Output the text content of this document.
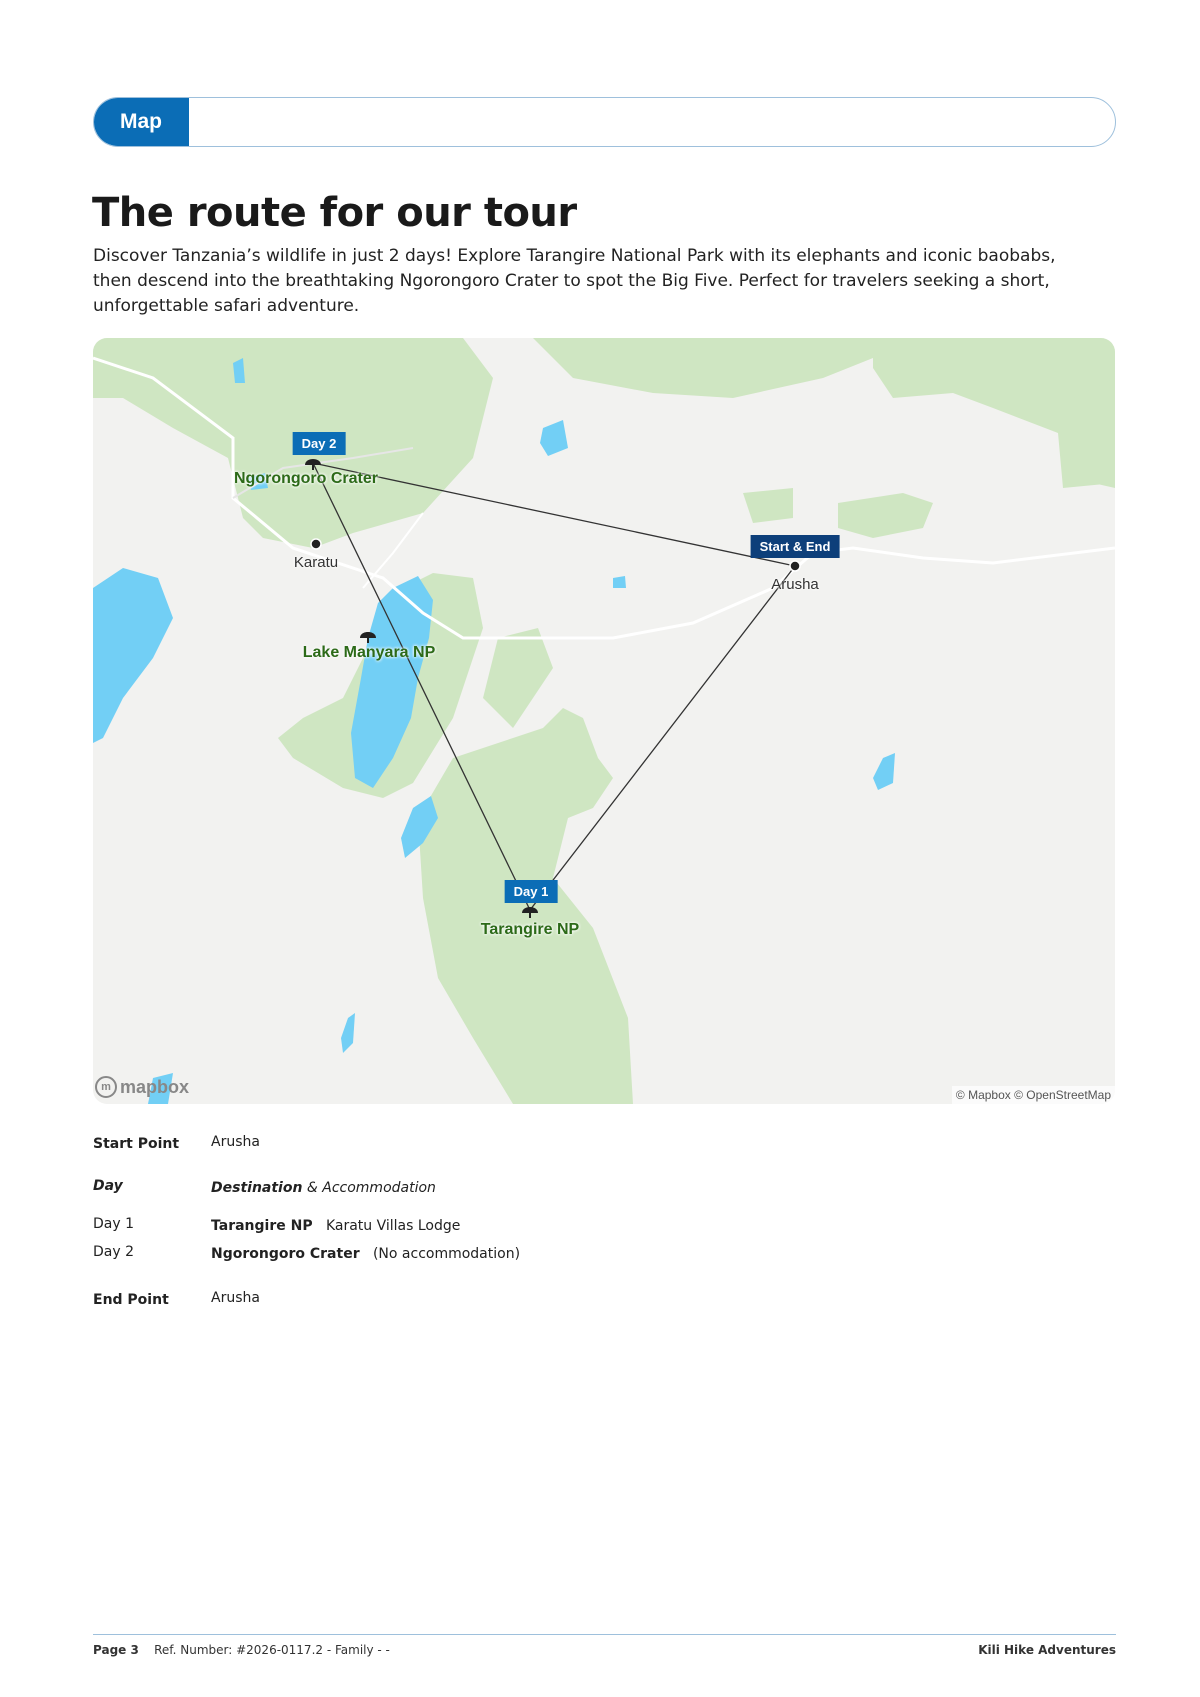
Map
The route for our tour

Discover Tanzania’s wildlife in just 2 days! Explore Tarangire National Park with its elephants and iconic baobabs, then descend into the breathtaking Ngorongoro Crater to spot the Big Five. Perfect for travelers seeking a short, unforgettable safari adventure.

Day 2
Ngorongoro Crater
Karatu
Lake Manyara NP
Start & End
Arusha
Day 1
Tarangire NP
m mapbox	© Mapbox © OpenStreetMap
Start Point Arusha
Day	Destination & Accommodation
Day 1	Tarangire NP Karatu Villas Lodge
Day 2	Ngorongoro Crater (No accommodation)
End Point	Arusha
Page 3 Ref. Number: #2026-0117.2 - Family - -	Kili Hike Adventures
